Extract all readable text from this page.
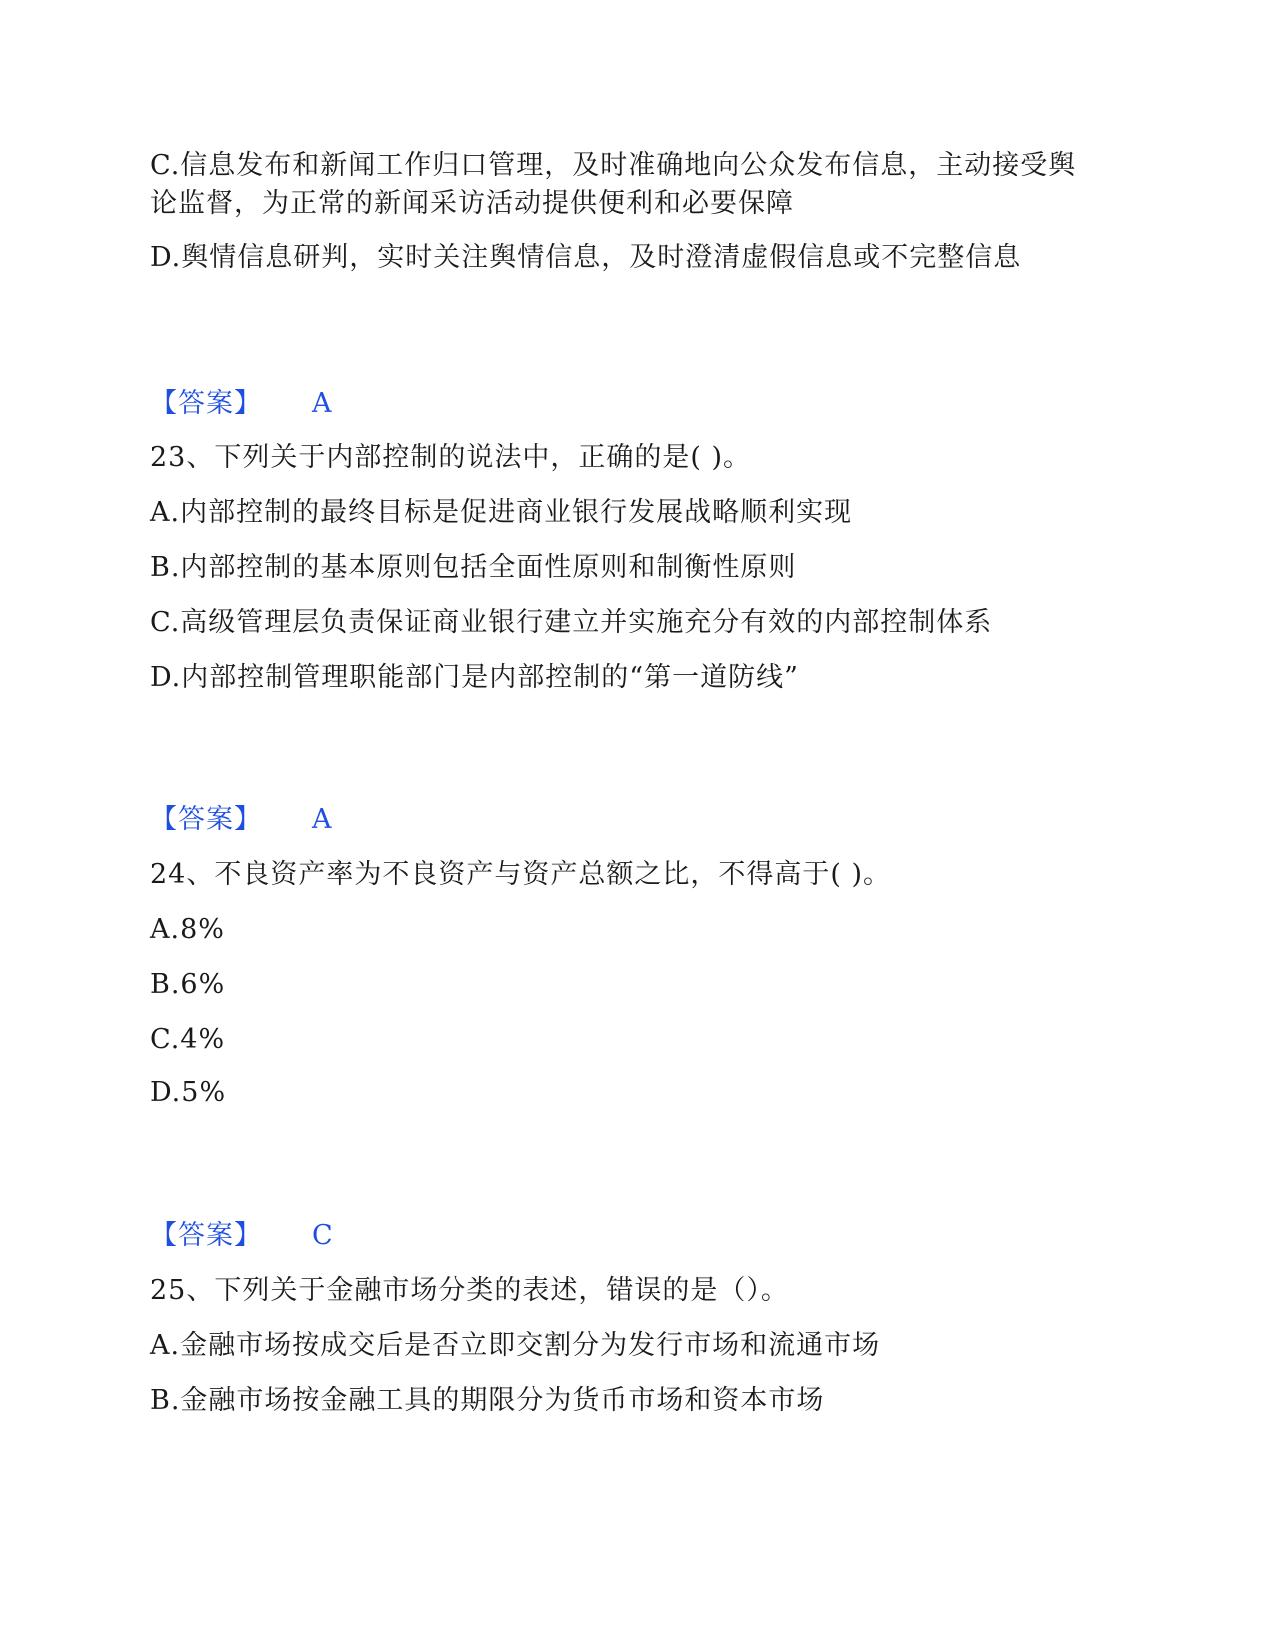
C.信息发布和新闻工作归口管理，及时准确地向公众发布信息，主动接受舆
论监督，为正常的新闻采访活动提供便利和必要保障
D.舆情信息研判，实时关注舆情信息，及时澄清虚假信息或不完整信息
【答案】 A
23、下列关于内部控制的说法中，正确的是( )。
A.内部控制的最终目标是促进商业银行发展战略顺利实现
B.内部控制的基本原则包括全面性原则和制衡性原则
C.高级管理层负责保证商业银行建立并实施充分有效的内部控制体系
D.内部控制管理职能部门是内部控制的“第一道防线”
【答案】 A
24、不良资产率为不良资产与资产总额之比，不得高于( )。
A.8%
B.6%
C.4%
D.5%
【答案】 C
25、下列关于金融市场分类的表述，错误的是（）。
A.金融市场按成交后是否立即交割分为发行市场和流通市场
B.金融市场按金融工具的期限分为货币市场和资本市场
